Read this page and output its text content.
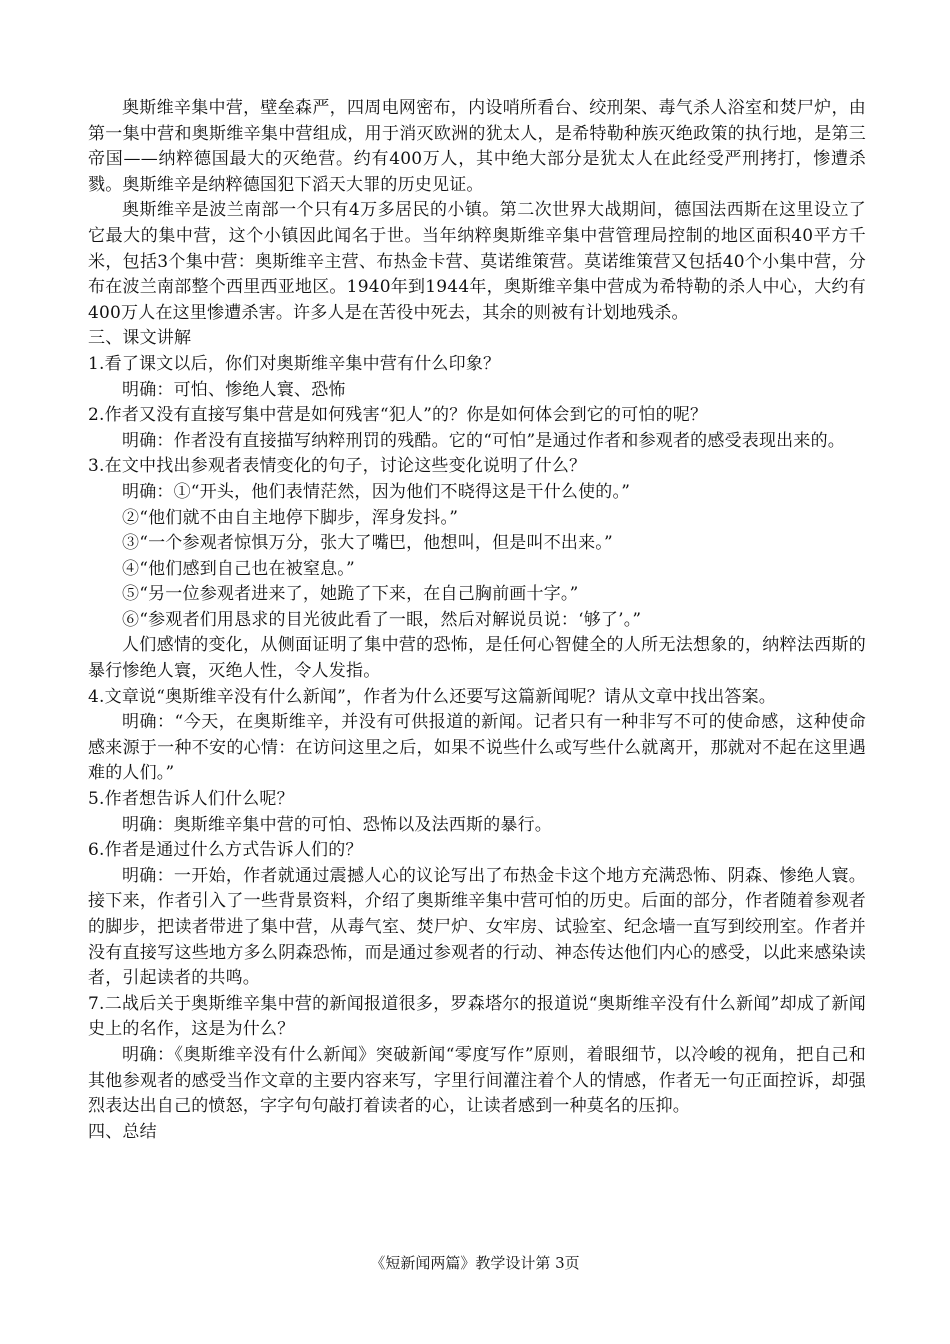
奥斯维辛集中营，壁垒森严，四周电网密布，内设哨所看台、绞刑架、毒气杀人浴室和焚尸炉，由第一集中营和奥斯维辛集中营组成，用于消灭欧洲的犹太人，是希特勒种族灭绝政策的执行地，是第三帝国——纳粹德国最大的灭绝营。约有400万人，其中绝大部分是犹太人在此经受严刑拷打，惨遭杀戮。奥斯维辛是纳粹德国犯下滔天大罪的历史见证。

奥斯维辛是波兰南部一个只有4万多居民的小镇。第二次世界大战期间，德国法西斯在这里设立了它最大的集中营，这个小镇因此闻名于世。当年纳粹奥斯维辛集中营管理局控制的地区面积40平方千米，包括3个集中营：奥斯维辛主营、布热金卡营、莫诺维策营。莫诺维策营又包括40个小集中营，分布在波兰南部整个西里西亚地区。1940年到1944年，奥斯维辛集中营成为希特勒的杀人中心，大约有400万人在这里惨遭杀害。许多人是在苦役中死去，其余的则被有计划地残杀。

三、课文讲解

1.看了课文以后，你们对奥斯维辛集中营有什么印象？

明确：可怕、惨绝人寰、恐怖

2.作者又没有直接写集中营是如何残害“犯人”的？你是如何体会到它的可怕的呢？

明确：作者没有直接描写纳粹刑罚的残酷。它的“可怕”是通过作者和参观者的感受表现出来的。

3.在文中找出参观者表情变化的句子，讨论这些变化说明了什么？

明确：①“开头，他们表情茫然，因为他们不晓得这是干什么使的。”

②“他们就不由自主地停下脚步，浑身发抖。”

③“一个参观者惊惧万分，张大了嘴巴，他想叫，但是叫不出来。”

④“他们感到自己也在被窒息。”

⑤“另一位参观者进来了，她跪了下来，在自己胸前画十字。”

⑥“参观者们用恳求的目光彼此看了一眼，然后对解说员说：‘够了’。”

人们感情的变化，从侧面证明了集中营的恐怖，是任何心智健全的人所无法想象的，纳粹法西斯的暴行惨绝人寰，灭绝人性，令人发指。

4.文章说“奥斯维辛没有什么新闻”，作者为什么还要写这篇新闻呢？请从文章中找出答案。

明确：“今天，在奥斯维辛，并没有可供报道的新闻。记者只有一种非写不可的使命感，这种使命感来源于一种不安的心情：在访问这里之后，如果不说些什么或写些什么就离开，那就对不起在这里遇难的人们。”

5.作者想告诉人们什么呢？

明确：奥斯维辛集中营的可怕、恐怖以及法西斯的暴行。

6.作者是通过什么方式告诉人们的？

明确：一开始，作者就通过震撼人心的议论写出了布热金卡这个地方充满恐怖、阴森、惨绝人寰。接下来，作者引入了一些背景资料，介绍了奥斯维辛集中营可怕的历史。后面的部分，作者随着参观者的脚步，把读者带进了集中营，从毒气室、焚尸炉、女牢房、试验室、纪念墙一直写到绞刑室。作者并没有直接写这些地方多么阴森恐怖，而是通过参观者的行动、神态传达他们内心的感受，以此来感染读者，引起读者的共鸣。

7.二战后关于奥斯维辛集中营的新闻报道很多，罗森塔尔的报道说“奥斯维辛没有什么新闻”却成了新闻史上的名作，这是为什么？

明确：《奥斯维辛没有什么新闻》突破新闻“零度写作”原则，着眼细节，以冷峻的视角，把自己和其他参观者的感受当作文章的主要内容来写，字里行间灌注着个人的情感，作者无一句正面控诉，却强烈表达出自己的愤怒，字字句句敲打着读者的心，让读者感到一种莫名的压抑。

四、总结

《短新闻两篇》教学设计第 3页
